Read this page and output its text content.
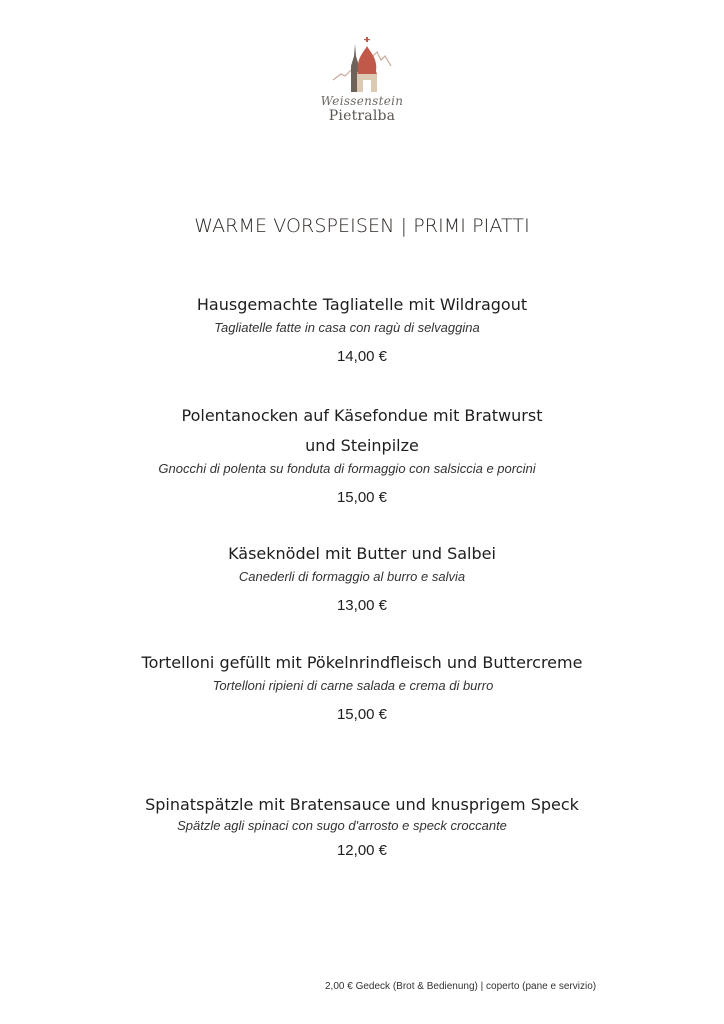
Weissenstein
Pietralba
WARME VORSPEISEN | PRIMI PIATTI
Hausgemachte Tagliatelle mit Wildragout
Tagliatelle fatte in casa con ragù di selvaggina
14,00 €
Polentanocken auf Käsefondue mit Bratwurst
und Steinpilze
Gnocchi di polenta su fonduta di formaggio con salsiccia e porcini
15,00 €
Käseknödel mit Butter und Salbei
Canederli di formaggio al burro e salvia
13,00 €
Tortelloni gefüllt mit Pökelnrindfleisch und Buttercreme
Tortelloni ripieni di carne salada e crema di burro
15,00 €
Spinatspätzle mit Bratensauce und knusprigem Speck
Spätzle agli spinaci con sugo d'arrosto e speck croccante
12,00 €
2,00 € Gedeck (Brot & Bedienung) | coperto (pane e servizio)
